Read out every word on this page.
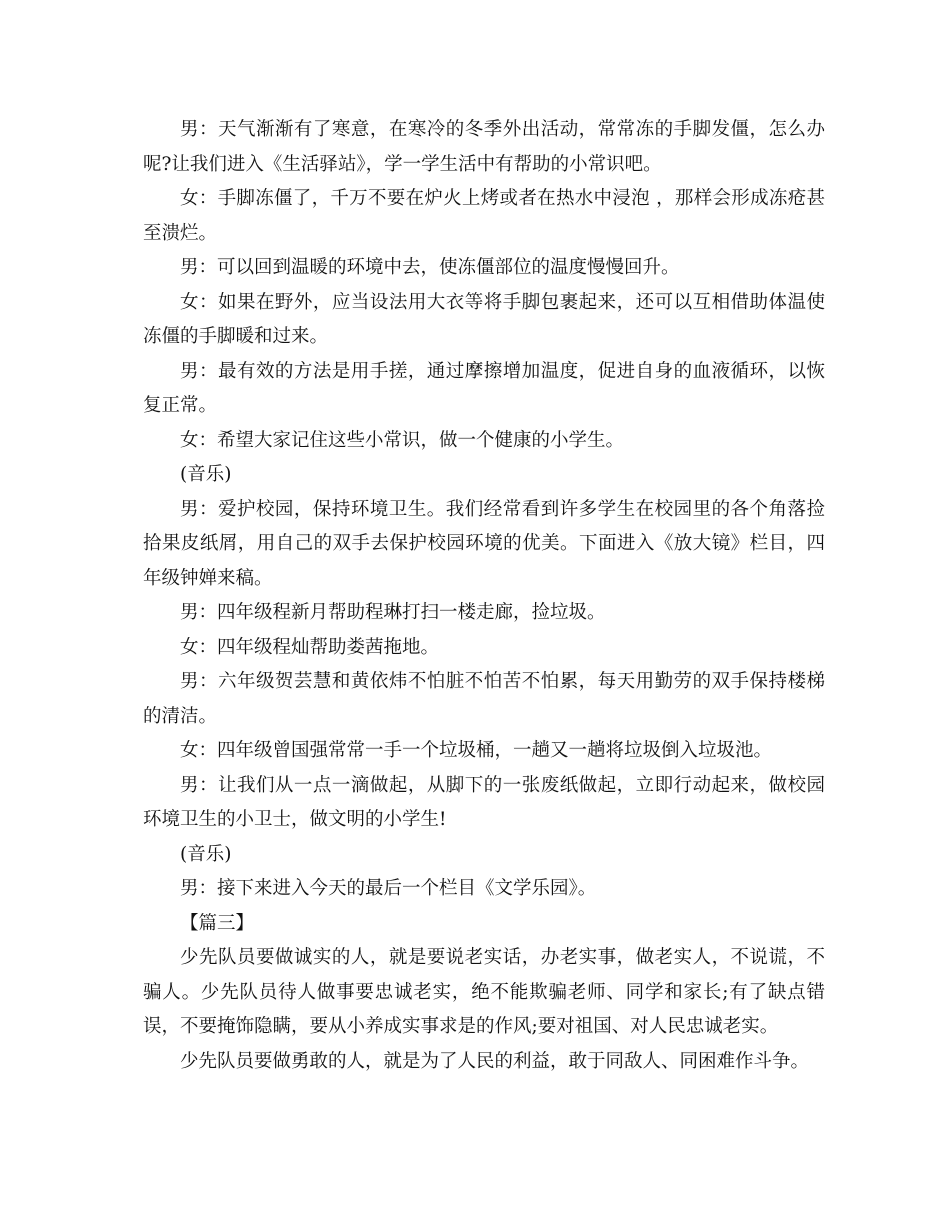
男：天气渐渐有了寒意，在寒冷的冬季外出活动，常常冻的手脚发僵，怎么办呢?让我们进入《生活驿站》，学一学生活中有帮助的小常识吧。

女：手脚冻僵了，千万不要在炉火上烤或者在热水中浸泡 ，那样会形成冻疮甚至溃烂。

男：可以回到温暖的环境中去，使冻僵部位的温度慢慢回升。

女：如果在野外，应当设法用大衣等将手脚包裹起来，还可以互相借助体温使冻僵的手脚暖和过来。

男：最有效的方法是用手搓，通过摩擦增加温度，促进自身的血液循环，以恢复正常。

女：希望大家记住这些小常识，做一个健康的小学生。

(音乐)

男：爱护校园，保持环境卫生。我们经常看到许多学生在校园里的各个角落捡拾果皮纸屑，用自己的双手去保护校园环境的优美。下面进入《放大镜》栏目，四年级钟婵来稿。

男：四年级程新月帮助程琳打扫一楼走廊，捡垃圾。

女：四年级程灿帮助娄茜拖地。

男：六年级贺芸慧和黄依炜不怕脏不怕苦不怕累，每天用勤劳的双手保持楼梯的清洁。

女：四年级曾国强常常一手一个垃圾桶，一趟又一趟将垃圾倒入垃圾池。

男：让我们从一点一滴做起，从脚下的一张废纸做起，立即行动起来，做校园环境卫生的小卫士，做文明的小学生!

(音乐)

男：接下来进入今天的最后一个栏目《文学乐园》。

【篇三】

少先队员要做诚实的人，就是要说老实话，办老实事，做老实人，不说谎，不骗人。少先队员待人做事要忠诚老实，绝不能欺骗老师、同学和家长;有了缺点错误，不要掩饰隐瞒，要从小养成实事求是的作风;要对祖国、对人民忠诚老实。

少先队员要做勇敢的人，就是为了人民的利益，敢于同敌人、同困难作斗争。
